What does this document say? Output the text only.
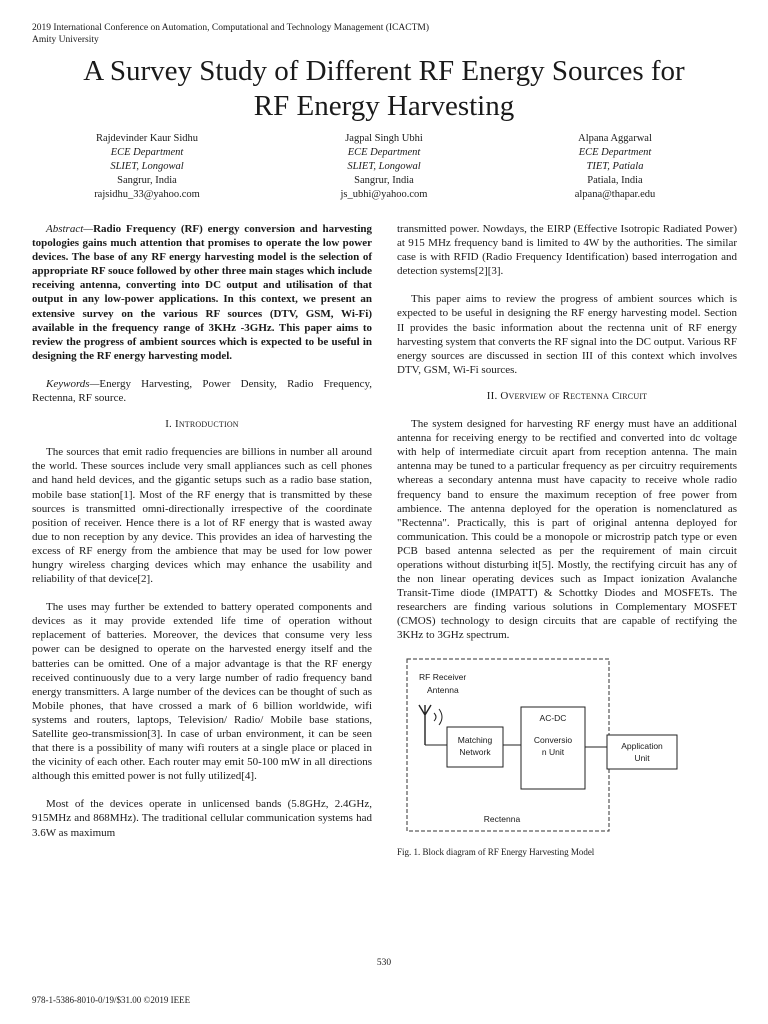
2019 International Conference on Automation, Computational and Technology Management (ICACTM)
Amity University
A Survey Study of Different RF Energy Sources for
RF Energy Harvesting
Rajdevinder Kaur Sidhu
ECE Department
SLIET, Longowal
Sangrur, India
rajsidhu_33@yahoo.com
Jagpal Singh Ubhi
ECE Department
SLIET, Longowal
Sangrur, India
js_ubhi@yahoo.com
Alpana Aggarwal
ECE Department
TIET, Patiala
Patiala, India
alpana@thapar.edu

Abstract—Radio Frequency (RF) energy conversion and harvesting topologies gains much attention that promises to operate the low power devices. The base of any RF energy harvesting model is the selection of appropriate RF souce followed by other three main stages which include receiving antenna, converting into DC output and utilisation of that output in any low-power applications. In this context, we present an extensive survey on the various RF sources (DTV, GSM, Wi-Fi) available in the frequency range of 3KHz -3GHz. This paper aims to review the progress of ambient sources which is expected to be useful in designing the RF energy harvesting model.

Keywords—Energy Harvesting, Power Density, Radio Frequency, Rectenna, RF source.

I. Introduction

The sources that emit radio frequencies are billions in number all around the world. These sources include very small appliances such as cell phones and hand held devices, and the gigantic setups such as a radio base station, mobile base station[1]. Most of the RF energy that is transmitted by these sources is transmitted omni-directionally irrespective of the coordinate position of receiver. Hence there is a lot of RF energy that is wasted away due to non reception by any device. This provides an idea of harvesting the excess of RF energy from the ambience that may be used for low power hungry wireless charging devices which may enhance the usability and reliability of that device[2].

The uses may further be extended to battery operated components and devices as it may provide extended life time of operation without replacement of batteries. Moreover, the devices that consume very less power can be designed to operate on the harvested energy itself and the batteries can be omitted. One of a major advantage is that the RF energy received continuously due to a very large number of radio frequency band energy transmitters. A large number of the devices can be thought of such as Mobile phones, that have crossed a mark of 6 billion worldwide, wifi systems and routers, laptops, Television/ Radio/ Mobile base stations, Satellite geo-transmission[3]. In case of urban environment, it can be seen that there is a possibility of many wifi routers at a single place or placed in the vicinity of each other. Each router may emit 50-100 mW in all directions although this emitted power is not fully utilized[4].

Most of the devices operate in unlicensed bands (5.8GHz, 2.4GHz, 915MHz and 868MHz). The traditional cellular communication systems had 3.6W as maximum

transmitted power. Nowdays, the EIRP (Effective Isotropic Radiated Power) at 915 MHz frequency band is limited to 4W by the authorities. The similar case is with RFID (Radio Frequency Identification) based interrogation and detection systems[2][3].

This paper aims to review the progress of ambient sources which is expected to be useful in designing the RF energy harvesting model. Section II provides the basic information about the rectenna unit of RF energy harvesting system that converts the RF signal into the DC output. Various RF energy sources are discussed in section III of this context which involves DTV, GSM, Wi-Fi sources.

II. Overview of Rectenna Circuit

The system designed for harvesting RF energy must have an additional antenna for receiving energy to be rectified and converted into dc voltage with help of intermediate circuit apart from reception antenna. The main antenna may be tuned to a particular frequency as per circuitry requirements whereas a secondary antenna must have capacity to receive whole radio frequency band to ensure the maximum reception of free power from ambience. The antenna deployed for the operation is nomenclatured as "Rectenna". Practically, this is part of original antenna deployed for communication. This could be a monopole or microstrip patch type or even PCB based antenna selected as per the requirement of main circuit operations without disturbing it[5]. Mostly, the rectifying circuit has any of the non linear operating devices such as Impact ionization Avalanche Transit-Time diode (IMPATT) & Schottky Diodes and MOSFETs. The researchers are finding various solutions in Complementary MOSFET (CMOS) technology to design circuits that are capable of rectifying the 3KHz to 3GHz spectrum.

RF Receiver
Antenna
Matching
Network
AC-DC
Conversio
n Unit
Application
Unit
Rectenna
Fig. 1. Block diagram of RF Energy Harvesting Model
530
978-1-5386-8010-0/19/$31.00 ©2019 IEEE
